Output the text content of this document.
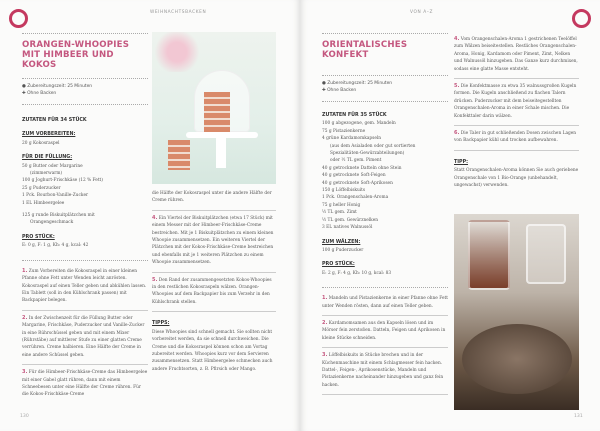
WEIHNACHTSBACKEN
ORANGEN-WHOOPIES MIT HIMBEER UND KOKOS
● Zubereitungszeit: 25 Minuten
✚ Ohne Backen
ZUTATEN FÜR 34 STÜCK
ZUM VORBEREITEN:
20 g Kokosraspel
FÜR DIE FÜLLUNG:
50 g Butter oder Margarine
(zimmerwarm)
100 g Joghurt-Frischkäse (12 % Fett)
25 g Puderzucker
1 Pck. Bourbon-Vanille-Zucker
1 EL Himbeergelee
125 g runde Biskuitplätzchen mit
Orangengeschmack
PRO STÜCK:
E: 0 g, F: 1 g, Kh: 4 g, kcal: 42
1. Zum Vorbereiten die Kokosraspel in einer kleinen Pfanne ohne Fett unter Wenden leicht anrösten. Kokosraspel auf einen Teller geben und abkühlen lassen. Ein Tablett (soll in den Kühlschrank passen) mit Backpapier belegen.
2. In der Zwischenzeit für die Füllung Butter oder Margarine, Frischkäse, Puderzucker und Vanille-Zucker in eine Rührschüssel geben und mit einem Mixer (Rührstäbe) auf mittlerer Stufe zu einer glatten Creme verrühren. Creme halbieren. Eine Hälfte der Creme in eine andere Schüssel geben.
3. Für die Himbeer-Frischkäse-Creme das Himbeergelee mit einer Gabel glatt rühren, dann mit einem Schneebesen unter eine Hälfte der Creme rühren. Für die Kokos-Frischkäse-Creme
die Hälfte der Kokosraspel unter die andere Hälfte der Creme rühren.
4. Ein Viertel der Biskuitplätzchen (etwa 17 Stück) mit einem Messer mit der Himbeer-Frischkäse-Creme bestreichen. Mit je 1 Biskuitplätzchen zu einem kleinen Whoopie zusammensetzen. Ein weiteren Viertel der Plätzchen mit der Kokos-Frischkäse-Creme bestreichen und ebenfalls mit je 1 weiteren Plätzchen zu einem Whoopie zusammensetzen.
5. Den Rand der zusammengesetzten Kokos-Whoopies in den restlichen Kokosraspeln wälzen. Orangen-Whoopies auf dem Backpapier bis zum Verzehr in den Kühlschrank stellen.
TIPPS:
Diese Whoopies sind schnell gemacht. Sie sollten nicht vorbereitet werden, da sie schnell durchweichen. Die Creme und die Kokosraspel können schon am Vortag zubereitet werden. Whoopies kurz vor dem Servieren zusammensetzen. Statt Himbeergelee schmecken auch andere Fruchtsorten, z. B. Pfirsich oder Mango.
130
VON A–Z
ORIENTALISCHES KONFEKT
● Zubereitungszeit: 25 Minuten
✚ Ohne Backen
ZUTATEN FÜR 35 STÜCK
100 g abgezogene, gem. Mandeln
75 g Pistazienkerne
4 grüne Kardamomkapseln
(aus dem Asialaden oder gut sortierten
Spezialitäten-Gewürzabteilungen)
oder ½ TL gem. Piment
40 g getrocknete Datteln ohne Stein
40 g getrocknete Soft-Feigen
40 g getrocknete Soft-Aprikosen
150 g Löffelbiskuits
1 Pck. Orangenschalen-Aroma
75 g heller Honig
½ TL gem. Zimt
½ TL gem. Gewürznelken
3 EL natives Walnussöl
ZUM WÄLZEN:
100 g Puderzucker
PRO STÜCK:
E: 2 g, F: 4 g, Kh: 10 g, kcal: 83
1. Mandeln und Pistazienkerne in einer Pfanne ohne Fett unter Wenden rösten, dann auf einen Teller geben.
2. Kardamomsamen aus den Kapseln lösen und im Mörser fein zerstoßen. Datteln, Feigen und Aprikosen in kleine Stücke schneiden.
3. Löffelbiskuits in Stücke brechen und in der Küchenmaschine mit einem Schlagmesser fein hacken. Dattel-, Feigen-, Aprikosenstücke, Mandeln und Pistazienkerne nacheinander hinzugeben und ganz fein hacken.
4. Vom Orangenschalen-Aroma 1 gestrichenen Teelöffel zum Wälzen beiseitestellen. Restliches Orangenschalen-Aroma, Honig, Kardamom oder Piment, Zimt, Nelken und Walnussöl hinzugeben. Das Ganze kurz durchmixen, sodass eine glatte Masse entsteht.
5. Die Konfektmasse zu etwa 35 walnussgroßen Kugeln formen. Die Kugeln anschließend zu flachen Talern drücken. Puderzucker mit dem beiseitegestellten Orangenschalen-Aroma in einer Schale mischen. Die Konfekttaler darin wälzen.
6. Die Taler in gut schließenden Dosen zwischen Lagen von Backpapier kühl und trocken aufbewahren.
TIPP:
Statt Orangenschalen-Aroma können Sie auch geriebene Orangenschale von 1 Bio-Orange (unbehandelt, ungewachst) verwenden.
131
